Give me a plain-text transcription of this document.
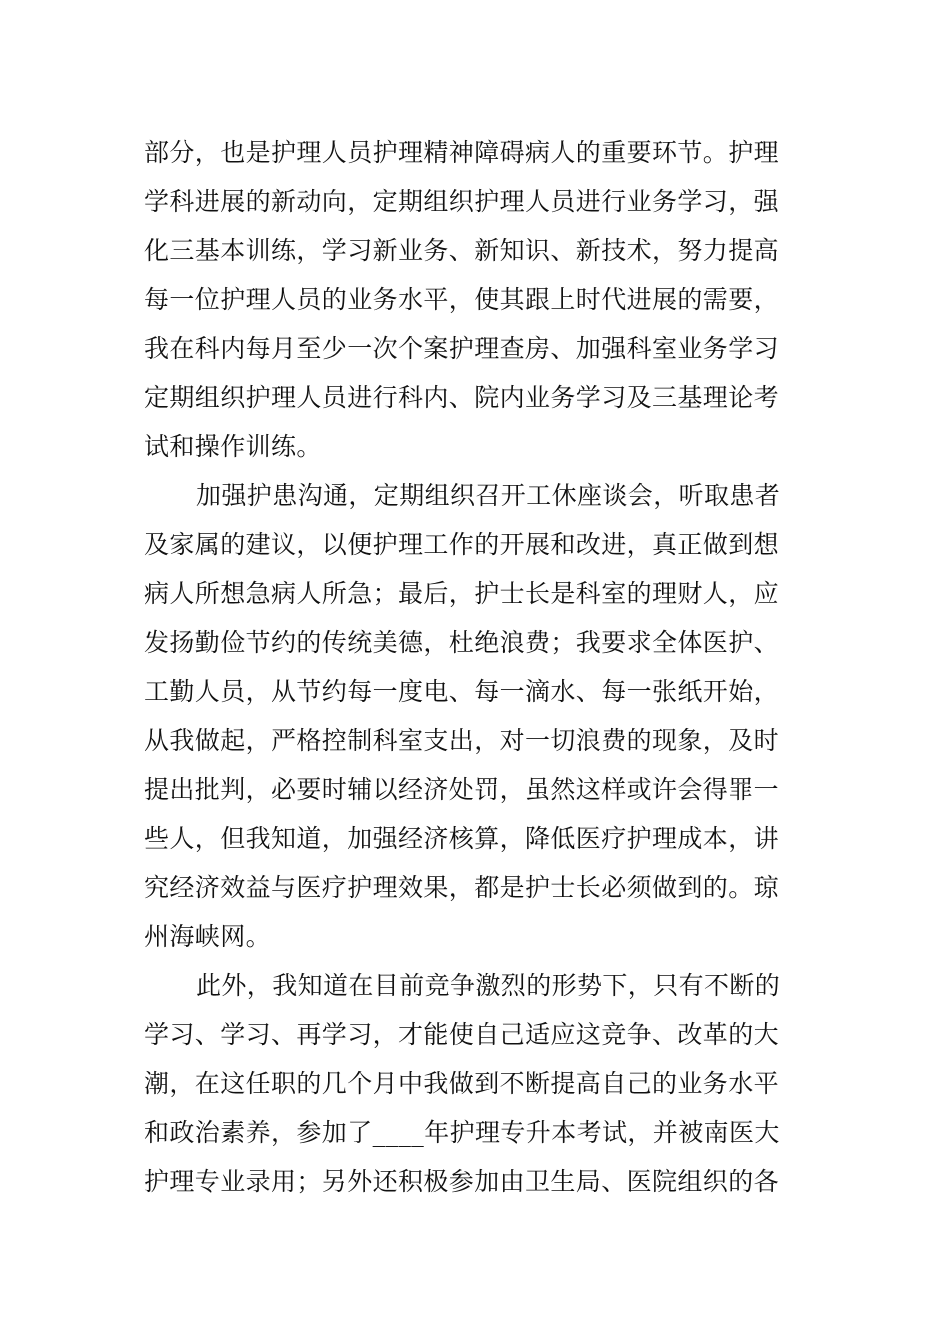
部分，也是护理人员护理精神障碍病人的重要环节。护理
学科进展的新动向，定期组织护理人员进行业务学习，强
化三基本训练，学习新业务、新知识、新技术，努力提高
每一位护理人员的业务水平，使其跟上时代进展的需要，
我在科内每月至少一次个案护理查房、加强科室业务学习
定期组织护理人员进行科内、院内业务学习及三基理论考
试和操作训练。
加强护患沟通，定期组织召开工休座谈会，听取患者
及家属的建议，以便护理工作的开展和改进，真正做到想
病人所想急病人所急；最后，护士长是科室的理财人，应
发扬勤俭节约的传统美德，杜绝浪费；我要求全体医护、
工勤人员，从节约每一度电、每一滴水、每一张纸开始，
从我做起，严格控制科室支出，对一切浪费的现象，及时
提出批判，必要时辅以经济处罚，虽然这样或许会得罪一
些人，但我知道，加强经济核算，降低医疗护理成本，讲
究经济效益与医疗护理效果，都是护士长必须做到的。琼
州海峡网。
此外，我知道在目前竞争激烈的形势下，只有不断的
学习、学习、再学习，才能使自己适应这竞争、改革的大
潮，在这任职的几个月中我做到不断提高自己的业务水平
和政治素养，参加了____年护理专升本考试，并被南医大
护理专业录用；另外还积极参加由卫生局、医院组织的各
